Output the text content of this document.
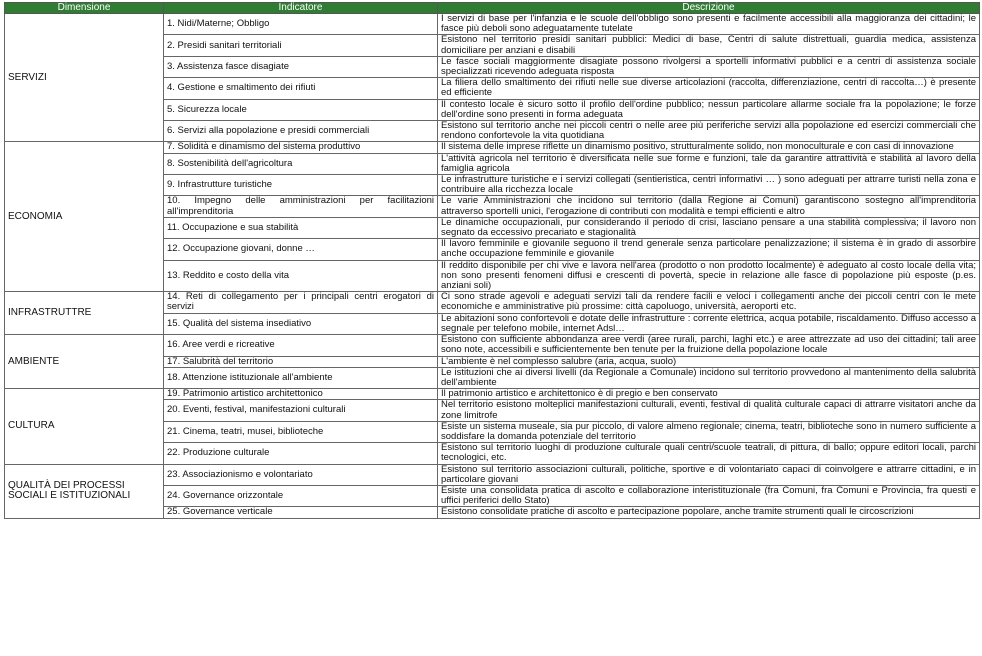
Dimensione	Indicatore	Descrizione
SERVIZI	1. Nidi/Materne; Obbligo	I servizi di base per l'infanzia e le scuole dell'obbligo sono presenti e facilmente accessibili alla maggioranza dei cittadini; le fasce più deboli sono adeguatamente tutelate
	2. Presidi sanitari territoriali	Esistono nel territorio presidi sanitari pubblici: Medici di base, Centri di salute distrettuali, guardia medica, assistenza domiciliare per anziani e disabili
	3. Assistenza fasce disagiate	Le fasce sociali maggiormente disagiate possono rivolgersi a sportelli informativi pubblici e a centri di assistenza sociale specializzati ricevendo adeguata risposta
	4. Gestione e smaltimento dei rifiuti	La filiera dello smaltimento dei rifiuti nelle sue diverse articolazioni (raccolta, differenziazione, centri di raccolta…) è presente ed efficiente
	5. Sicurezza locale	Il contesto locale è sicuro sotto il profilo dell'ordine pubblico; nessun particolare allarme sociale fra la popolazione; le forze dell'ordine sono presenti in forma adeguata
	6. Servizi alla popolazione e presidi commerciali	Esistono sul territorio anche nei piccoli centri o nelle aree più periferiche servizi alla popolazione ed esercizi commerciali che rendono confortevole la vita quotidiana
ECONOMIA	7. Solidità e dinamismo del sistema produttivo	Il sistema delle imprese riflette un dinamismo positivo, strutturalmente solido, non monoculturale e con casi di innovazione
	8. Sostenibilità dell'agricoltura	L'attività agricola nel territorio è diversificata nelle sue forme e funzioni, tale da garantire attrattività e stabilità al lavoro della famiglia agricola
	9. Infrastrutture turistiche	Le infrastrutture turistiche e i servizi collegati (sentieristica, centri informativi … ) sono adeguati per attrarre turisti nella zona e contribuire alla ricchezza locale
	10. Impegno delle amministrazioni per facilitazioni all'imprenditoria	Le varie Amministrazioni che incidono sul territorio (dalla Regione ai Comuni) garantiscono sostegno all'imprenditoria attraverso sportelli unici, l'erogazione di contributi con modalità e tempi efficienti e altro
	11. Occupazione e sua stabilità	Le dinamiche occupazionali, pur considerando il periodo di crisi, lasciano pensare a una stabilità complessiva; il lavoro non segnato da eccessivo precariato e stagionalità
	12. Occupazione giovani, donne …	Il lavoro femminile e giovanile seguono il trend generale senza particolare penalizzazione; il sistema è in grado di assorbire anche occupazione femminile e giovanile
	13. Reddito e costo della vita	Il reddito disponibile per chi vive e lavora nell'area (prodotto o non prodotto localmente) è adeguato al costo locale della vita; non sono presenti fenomeni diffusi e crescenti di povertà, specie in relazione alle fasce di popolazione più esposte (p.es. anziani soli)
INFRASTRUTTRE	14. Reti di collegamento per i principali centri erogatori di servizi	Ci sono strade agevoli e adeguati servizi tali da rendere facili e veloci i collegamenti anche dei piccoli centri con le mete economiche e amministrative più prossime: città capoluogo, università, aeroporti etc.
	15. Qualità del sistema insediativo	Le abitazioni sono confortevoli e dotate delle infrastrutture : corrente elettrica, acqua potabile, riscaldamento. Diffuso accesso a segnale per telefono mobile, internet Adsl…
AMBIENTE	16. Aree verdi e ricreative	Esistono con sufficiente abbondanza aree verdi (aree rurali, parchi, laghi etc.) e aree attrezzate ad uso dei cittadini; tali aree sono note, accessibili e sufficientemente ben tenute per la fruizione della popolazione locale
	17. Salubrità del territorio	L'ambiente è nel complesso salubre (aria, acqua, suolo)
	18. Attenzione istituzionale all'ambiente	Le istituzioni che ai diversi livelli (da Regionale a Comunale) incidono sul territorio provvedono al mantenimento della salubrità dell'ambiente
CULTURA	19. Patrimonio artistico architettonico	Il patrimonio artistico e architettonico è di pregio e ben conservato
	20. Eventi, festival, manifestazioni culturali	Nel territorio esistono molteplici manifestazioni culturali, eventi, festival di qualità culturale capaci di attrarre visitatori anche da zone limitrofe
	21. Cinema, teatri, musei, biblioteche	Esiste un sistema museale, sia pur piccolo, di valore almeno regionale; cinema, teatri, biblioteche sono in numero sufficiente a soddisfare la domanda potenziale del territorio
	22. Produzione culturale	Esistono sul territorio luoghi di produzione culturale quali centri/scuole teatrali, di pittura, di ballo; oppure editori locali, parchi tecnologici, etc.
QUALITÀ DEI PROCESSI SOCIALI E ISTITUZIONALI	23. Associazionismo e volontariato	Esistono sul territorio associazioni culturali, politiche, sportive e di volontariato capaci di coinvolgere e attrarre cittadini, e in particolare giovani
	24. Governance orizzontale	Esiste una consolidata pratica di ascolto e collaborazione interistituzionale (fra Comuni, fra Comuni e Provincia, fra questi e uffici periferici dello Stato)
	25. Governance verticale	Esistono consolidate pratiche di ascolto e partecipazione popolare, anche tramite strumenti quali le circoscrizioni
